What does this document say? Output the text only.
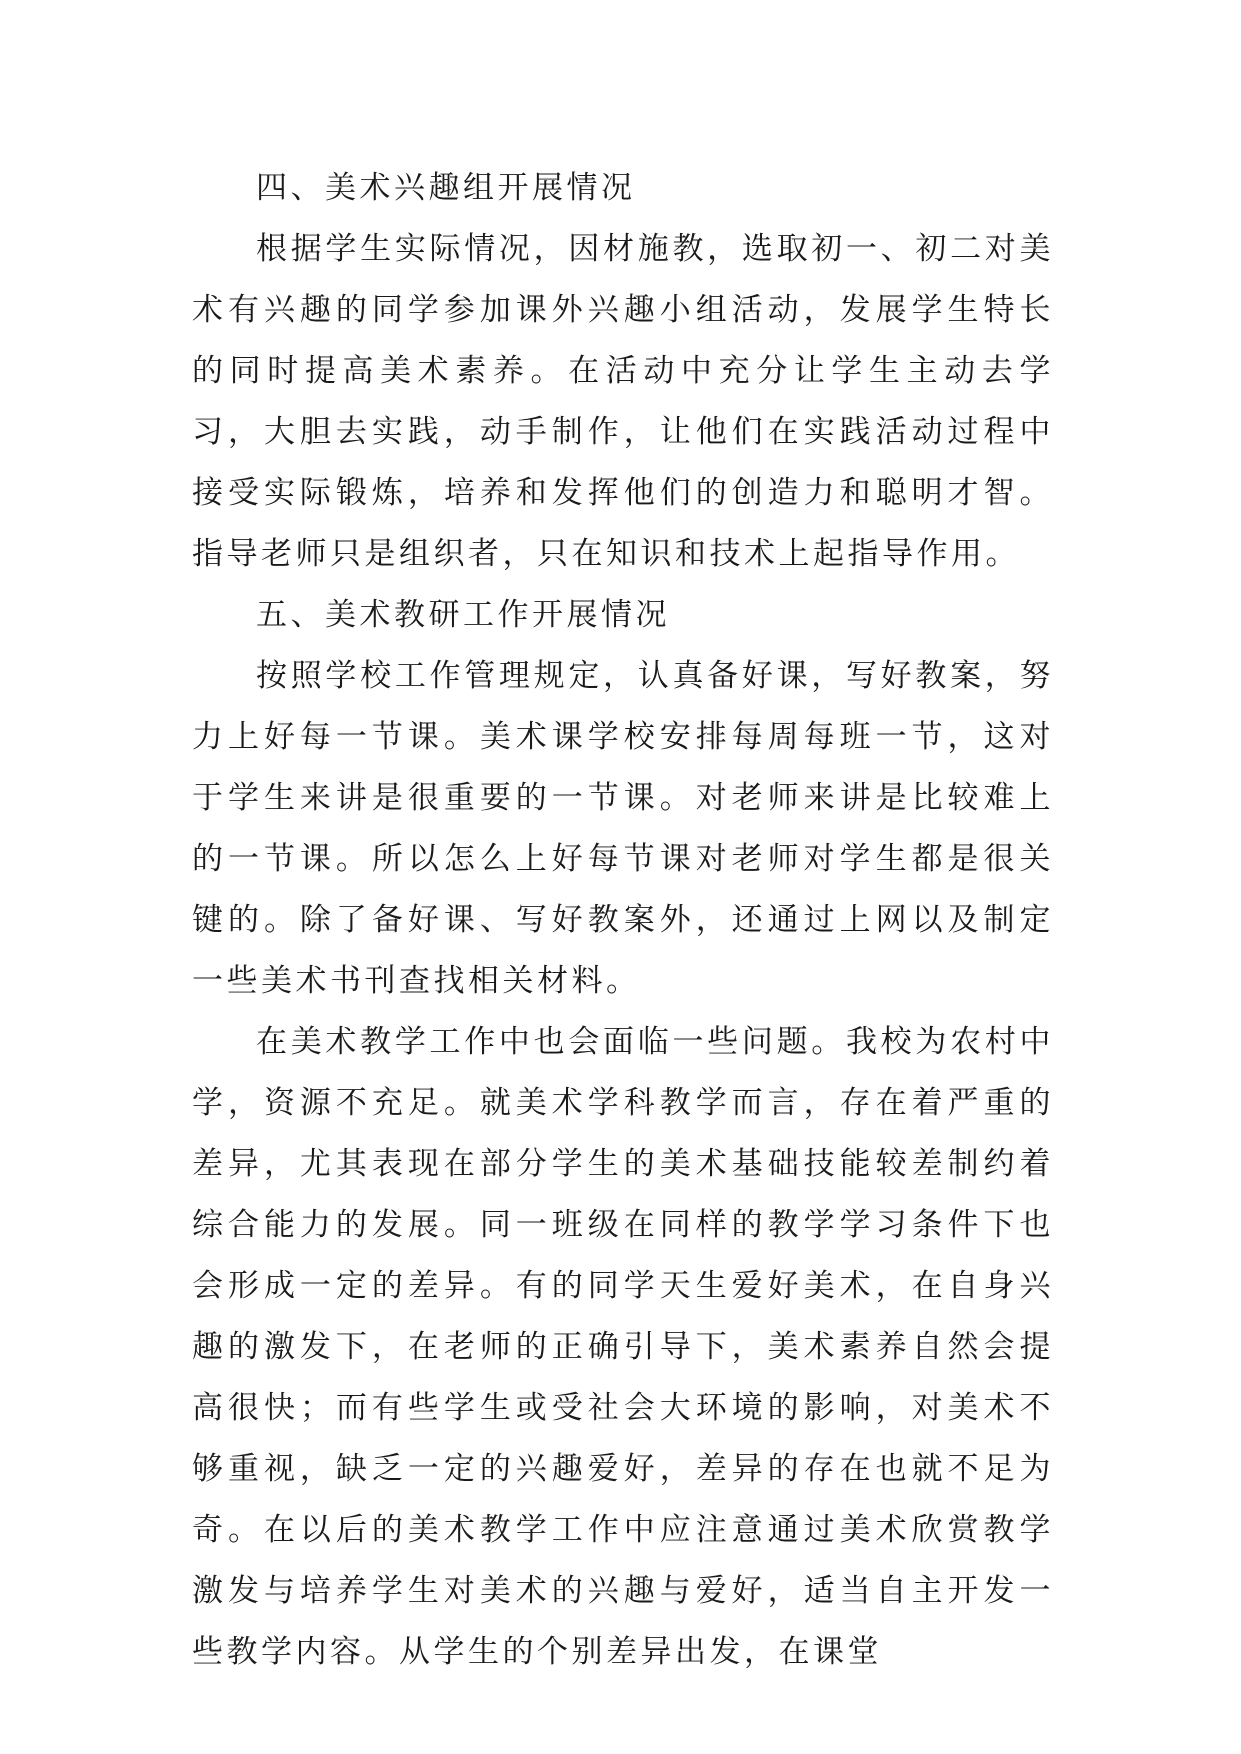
四、美术兴趣组开展情况

根据学生实际情况，因材施教，选取初一、初二对美术有兴趣的同学参加课外兴趣小组活动，发展学生特长的同时提高美术素养。在活动中充分让学生主动去学习，大胆去实践，动手制作，让他们在实践活动过程中接受实际锻炼，培养和发挥他们的创造力和聪明才智。指导老师只是组织者，只在知识和技术上起指导作用。

五、美术教研工作开展情况

按照学校工作管理规定，认真备好课，写好教案，努力上好每一节课。美术课学校安排每周每班一节，这对于学生来讲是很重要的一节课。对老师来讲是比较难上的一节课。所以怎么上好每节课对老师对学生都是很关键的。除了备好课、写好教案外，还通过上网以及制定一些美术书刊查找相关材料。

在美术教学工作中也会面临一些问题。我校为农村中学，资源不充足。就美术学科教学而言，存在着严重的差异，尤其表现在部分学生的美术基础技能较差制约着综合能力的发展。同一班级在同样的教学学习条件下也会形成一定的差异。有的同学天生爱好美术，在自身兴趣的激发下，在老师的正确引导下，美术素养自然会提高很快；而有些学生或受社会大环境的影响，对美术不够重视，缺乏一定的兴趣爱好，差异的存在也就不足为奇。在以后的美术教学工作中应注意通过美术欣赏教学激发与培养学生对美术的兴趣与爱好，适当自主开发一些教学内容。从学生的个别差异出发，在课堂
